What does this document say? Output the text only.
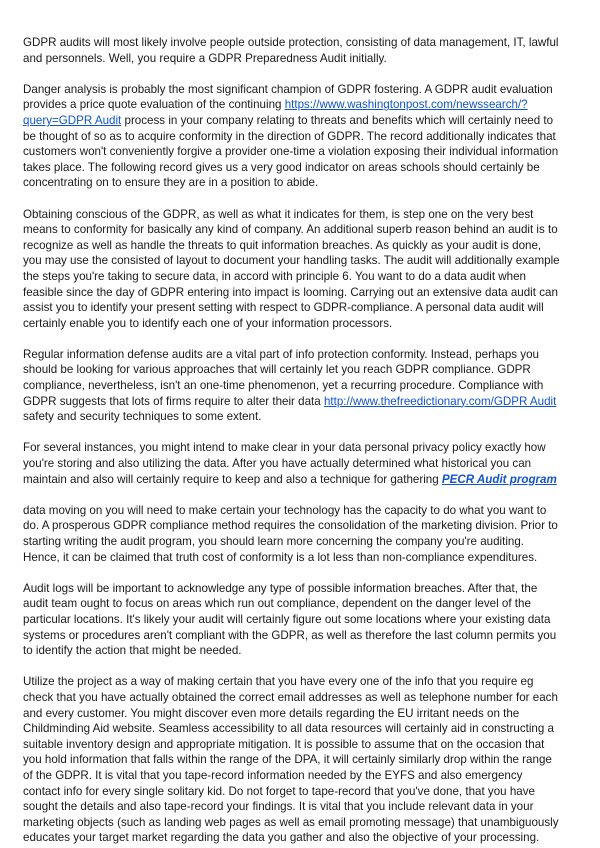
GDPR audits will most likely involve people outside protection, consisting of data management, IT, lawful and personnels. Well, you require a GDPR Preparedness Audit initially.

Danger analysis is probably the most significant champion of GDPR fostering. A GDPR audit evaluation provides a price quote evaluation of the continuing https://www.washingtonpost.com/newssearch/?query=GDPR Audit process in your company relating to threats and benefits which will certainly need to be thought of so as to acquire conformity in the direction of GDPR. The record additionally indicates that customers won't conveniently forgive a provider one-time a violation exposing their individual information takes place. The following record gives us a very good indicator on areas schools should certainly be concentrating on to ensure they are in a position to abide.

Obtaining conscious of the GDPR, as well as what it indicates for them, is step one on the very best means to conformity for basically any kind of company. An additional superb reason behind an audit is to recognize as well as handle the threats to quit information breaches. As quickly as your audit is done, you may use the consisted of layout to document your handling tasks. The audit will additionally example the steps you're taking to secure data, in accord with principle 6. You want to do a data audit when feasible since the day of GDPR entering into impact is looming. Carrying out an extensive data audit can assist you to identify your present setting with respect to GDPR-compliance. A personal data audit will certainly enable you to identify each one of your information processors.

Regular information defense audits are a vital part of info protection conformity. Instead, perhaps you should be looking for various approaches that will certainly let you reach GDPR compliance. GDPR compliance, nevertheless, isn't an one-time phenomenon, yet a recurring procedure. Compliance with GDPR suggests that lots of firms require to alter their data http://www.thefreedictionary.com/GDPR Audit safety and security techniques to some extent.

For several instances, you might intend to make clear in your data personal privacy policy exactly how you're storing and also utilizing the data. After you have actually determined what historical you can maintain and also will certainly require to keep and also a technique for gathering PECR Audit program

data moving on you will need to make certain your technology has the capacity to do what you want to do. A prosperous GDPR compliance method requires the consolidation of the marketing division. Prior to starting writing the audit program, you should learn more concerning the company you're auditing. Hence, it can be claimed that truth cost of conformity is a lot less than non-compliance expenditures.

Audit logs will be important to acknowledge any type of possible information breaches. After that, the audit team ought to focus on areas which run out compliance, dependent on the danger level of the particular locations. It's likely your audit will certainly figure out some locations where your existing data systems or procedures aren't compliant with the GDPR, as well as therefore the last column permits you to identify the action that might be needed.

Utilize the project as a way of making certain that you have every one of the info that you require eg check that you have actually obtained the correct email addresses as well as telephone number for each and every customer. You might discover even more details regarding the EU irritant needs on the Childminding Aid website. Seamless accessibility to all data resources will certainly aid in constructing a suitable inventory design and appropriate mitigation. It is possible to assume that on the occasion that you hold information that falls within the range of the DPA, it will certainly similarly drop within the range of the GDPR. It is vital that you tape-record information needed by the EYFS and also emergency contact info for every single solitary kid. Do not forget to tape-record that you've done, that you have sought the details and also tape-record your findings. It is vital that you include relevant data in your marketing objects (such as landing web pages as well as email promoting message) that unambiguously educates your target market regarding the data you gather and also the objective of your processing.
